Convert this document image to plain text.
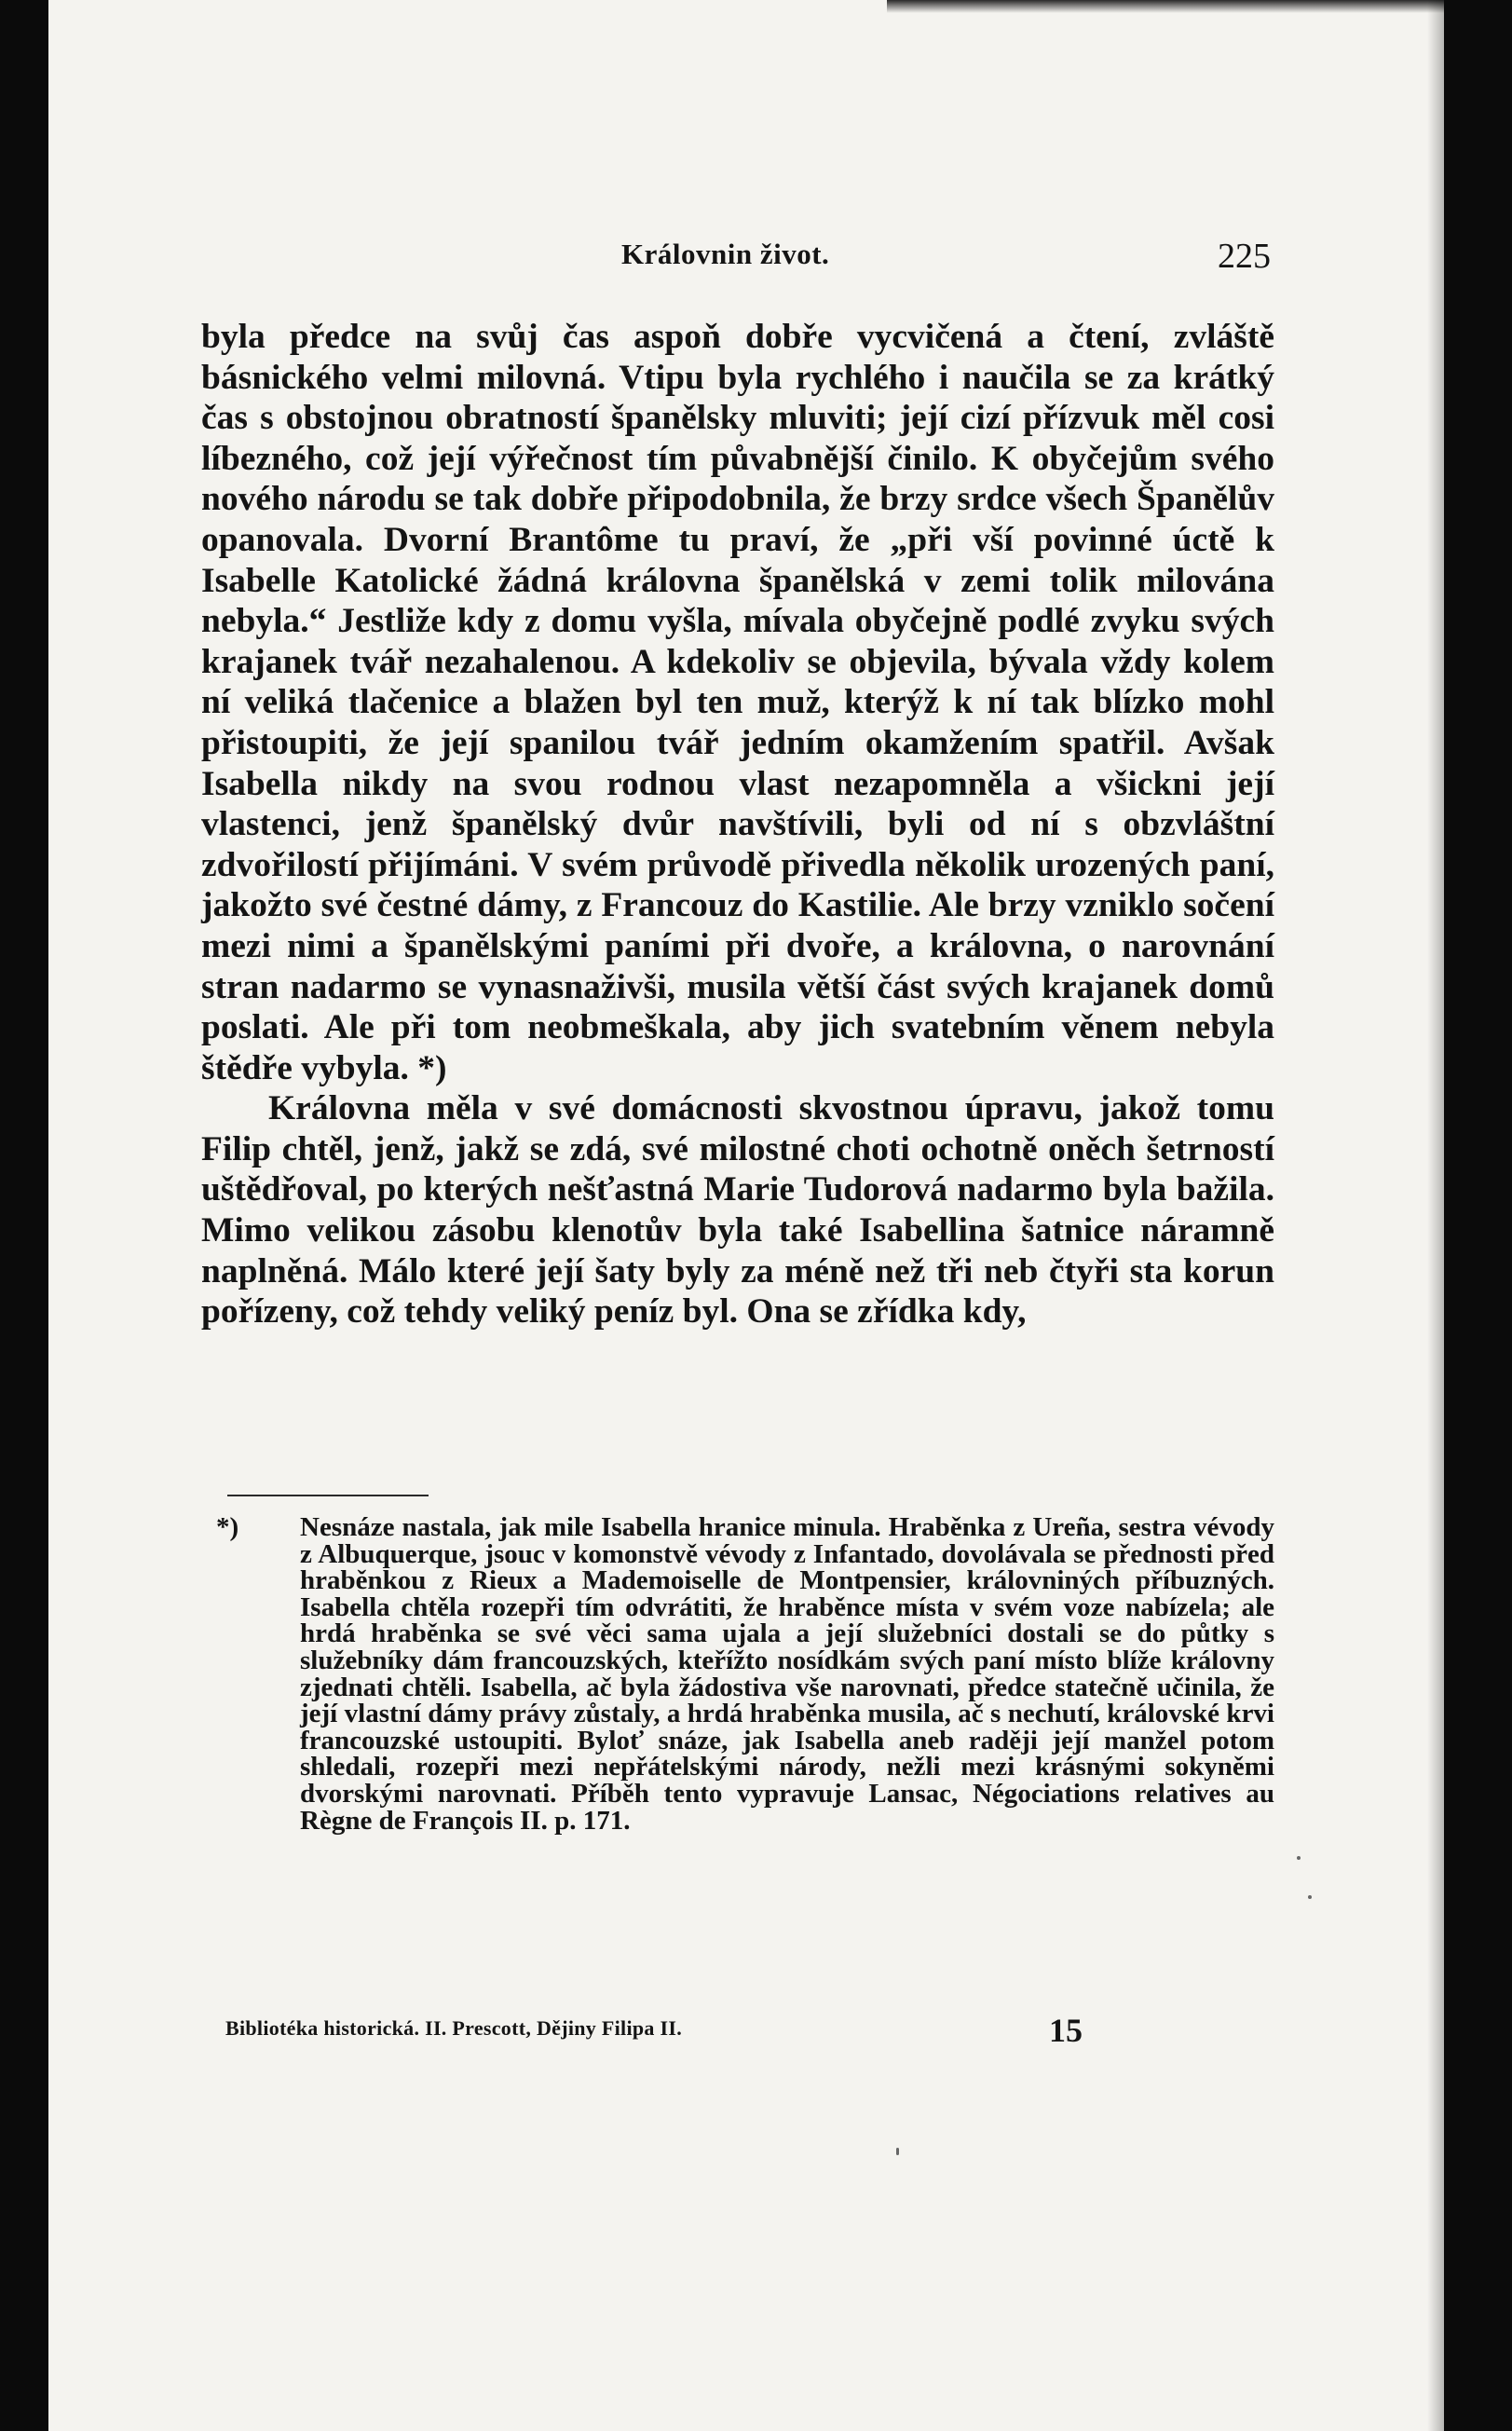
Královnin život.	225

byla předce na svůj čas aspoň dobře vycvičená a čtení, zvláště básnického velmi milovná. Vtipu byla rychlého i naučila se za krátký čas s obstojnou obratností španělsky mluviti; její cizí přízvuk měl cosi líbezného, což její výřečnost tím půvabnější činilo. K obyčejům svého nového národu se tak dobře připodobnila, že brzy srdce všech Španělův opanovala. Dvorní Brantôme tu praví, že „při vší povinné úctě k Isabelle Katolické žádná královna španělská v zemi tolik milována nebyla.“ Jestliže kdy z domu vyšla, mívala obyčejně podlé zvyku svých krajanek tvář nezahalenou. A kdekoliv se objevila, bývala vždy kolem ní veliká tlačenice a blažen byl ten muž, kterýž k ní tak blízko mohl přistoupiti, že její spanilou tvář jedním okamžením spatřil. Avšak Isabella nikdy na svou rodnou vlast nezapomněla a všickni její vlastenci, jenž španělský dvůr navštívili, byli od ní s obzvláštní zdvořilostí přijímáni. V svém průvodě přivedla několik urozených paní, jakožto své čestné dámy, z Francouz do Kastilie. Ale brzy vzniklo sočení mezi nimi a španělskými paními při dvoře, a královna, o narovnání stran nadarmo se vynasnaživši, musila větší část svých krajanek domů poslati. Ale při tom neobmeškala, aby jich svatebním věnem nebyla štědře vybyla. *)

Královna měla v své domácnosti skvostnou úpravu, jakož tomu Filip chtěl, jenž, jakž se zdá, své milostné choti ochotně oněch šetrností uštědřoval, po kterých nešťastná Marie Tudorová nadarmo byla bažila. Mimo velikou zásobu klenotův byla také Isabellina šatnice náramně naplněná. Málo které její šaty byly za méně než tři neb čtyři sta korun pořízeny, což tehdy veliký peníz byl. Ona se zřídka kdy,

*) Nesnáze nastala, jak mile Isabella hranice minula. Hraběnka z Ureña, sestra vévody z Albuquerque, jsouc v komonstvě vévody z Infantado, dovolávala se přednosti před hraběnkou z Rieux a Mademoiselle de Montpensier, královniných příbuzných. Isabella chtěla rozepři tím odvrátiti, že hraběnce místa v svém voze nabízela; ale hrdá hraběnka se své věci sama ujala a její služebníci dostali se do půtky s služebníky dám francouzských, kteřížto nosídkám svých paní místo blíže královny zjednati chtěli. Isabella, ač byla žádostiva vše narovnati, předce statečně učinila, že její vlastní dámy právy zůstaly, a hrdá hraběnka musila, ač s nechutí, královské krvi francouzské ustoupiti. Byloť snáze, jak Isabella aneb raději její manžel potom shledali, rozepři mezi nepřátelskými národy, nežli mezi krásnými sokyněmi dvorskými narovnati. Příběh tento vypravuje Lansac, Négociations relatives au Règne de François II. p. 171.

Bibliotéka historická. II. Prescott, Dějiny Filipa II.	15
